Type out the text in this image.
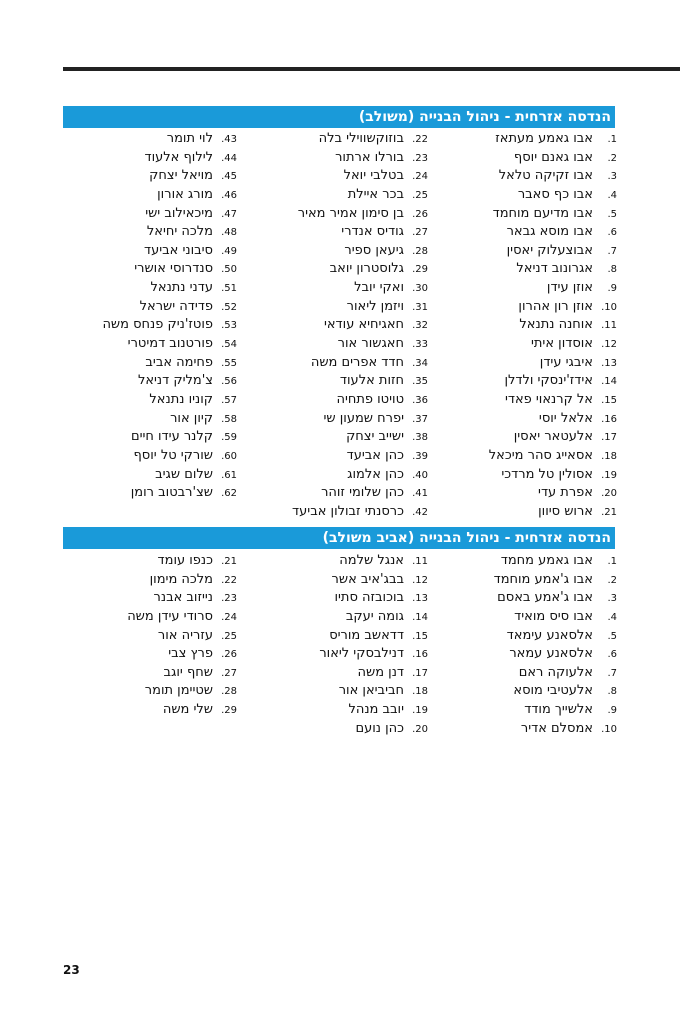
הנדסה אזרחית - ניהול הבנייה (משולב)
1.אבו גאמע מעתאז
2.אבו גאנם יוסף
3.אבו זקיקה טלאל
4.אבו כף סאבר
5.אבו מדיעם מוחמד
6.אבו מוסא גבאר
7.אבוצעלוק יאסין
8.אגרונוב דניאל
9.אוזן עידן
10.אוזן רון אהרון
11.אוחנה נתנאל
12.אוסדון איתי
13.איבגי עידן
14.אידז'ינסקי ולדלן
15.אל קרנאוי פאדי
16.אלאל יוסי
17.אלעטאר יאסין
18.אסאייג סהר מיכאל
19.אסולין טל מרדכי
20.אפרת עדי
21.ארוש סיוון
22.בוזוקשווילי בלה
23.בורלו ארתור
24.בטלבי יואל
25.בכר איילת
26.בן סימון אמיר מאיר
27.גודיס אנדרי
28.גיעאן ספיר
29.גלוסטרון יואב
30.ואקי יובל
31.ויזמן ליאור
32.חאגיחיא עודאי
33.חאגשור אור
34.חדד אפרים משה
35.חזות אלעוד
36.טויטו פתחיה
37.יפרח שמעון שי
38.ישייב יצחק
39.כהן אביעד
40.כהן אלמוג
41.כהן שלומי זוהר
42.כרסנתי זבולון אביעד
43.לוי תומר
44.לילוף אלעוד
45.מויאל יצחק
46.מורג אורון
47.מיכאילוב ישי
48.מלכה יחיאל
49.סיבוני אביעד
50.סנדרוסי אושרי
51.עדני נתנאל
52.פדידה ישראל
53.פוטז'ניק פנחס משה
54.פורטנוב דמיטרי
55.פחימה אביב
56.צ'מליק דניאל
57.קוניו נתנאל
58.קיון אור
59.קלנר עידו חיים
60.שורקי טל יוסף
61.שלום שגיב
62.שצ'רבטוב רומן
הנדסה אזרחית - ניהול הבנייה (אביב משולב)
1.אבו גאמע מחמד
2.אבו ג'אמע מוחמד
3.אבו ג'אמע באסם
4.אבו סיס מואיד
5.אלסאנע עימאד
6.אלסאנע עמאר
7.אלעוקה ראם
8.אלעטיבי מוסא
9.אלשייך מודד
10.אמסלם אדיר
11.אנגל שלמה
12.בבג'איב אשר
13.בוכובזה סתיו
14.גומה יעקב
15.דדאשב מוריס
16.דנילבסקי ליאור
17.דנן משה
18.חביביאן אור
19.יובב מנהל
20.כהן נועם
21.כנפו עומד
22.מלכה מימון
23.נייזוב אבנר
24.סרודי עידן משה
25.עזריה אור
26.פרץ צבי
27.שחף יוגב
28.שטיימן תומר
29.שלי משה
23
